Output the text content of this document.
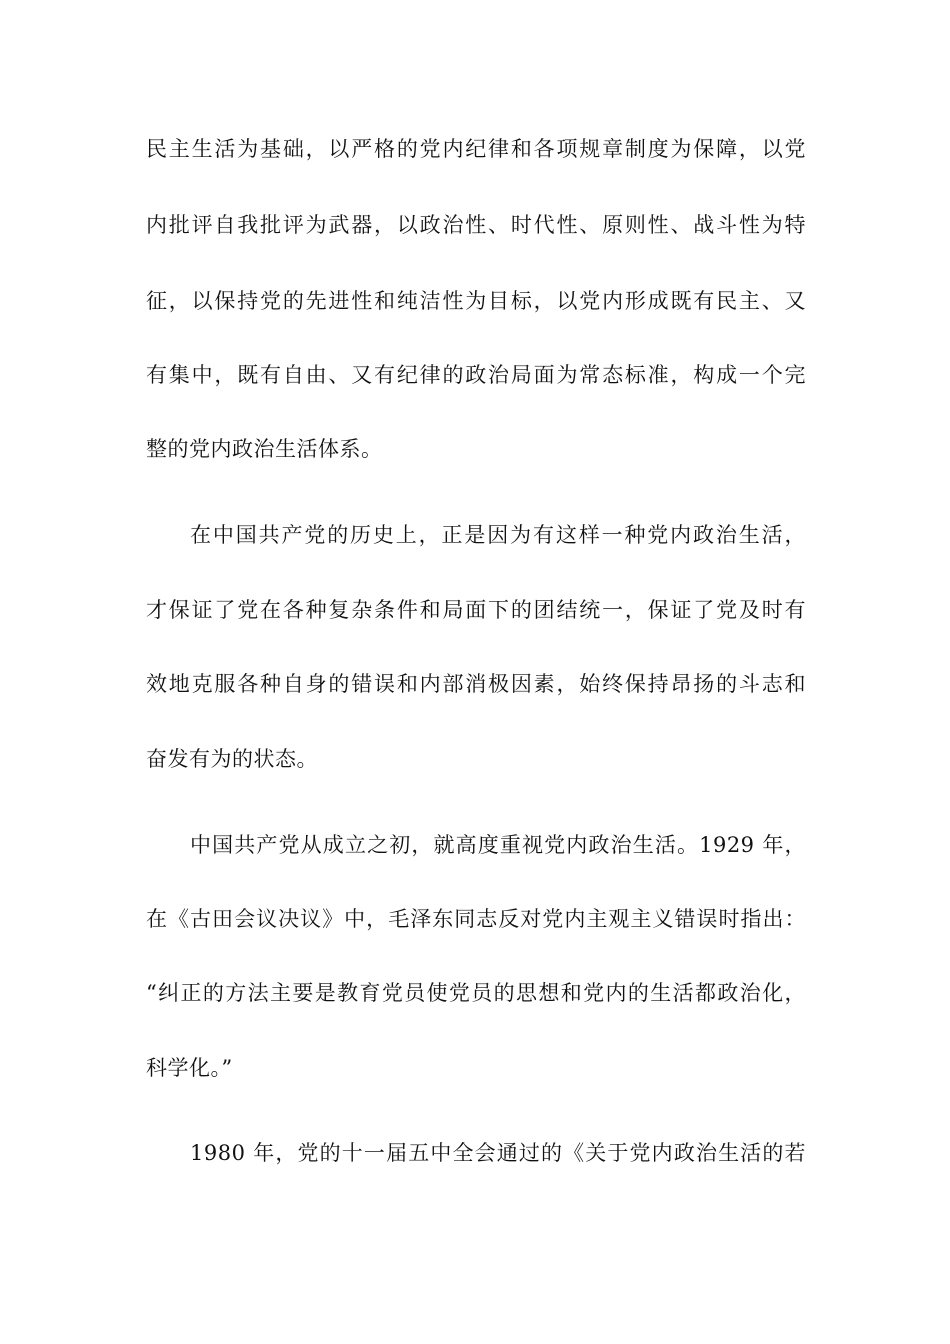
民主生活为基础，以严格的党内纪律和各项规章制度为保障，以党
内批评自我批评为武器，以政治性、时代性、原则性、战斗性为特
征，以保持党的先进性和纯洁性为目标，以党内形成既有民主、又
有集中，既有自由、又有纪律的政治局面为常态标准，构成一个完
整的党内政治生活体系。
在中国共产党的历史上，正是因为有这样一种党内政治生活，
才保证了党在各种复杂条件和局面下的团结统一，保证了党及时有
效地克服各种自身的错误和内部消极因素，始终保持昂扬的斗志和
奋发有为的状态。
中国共产党从成立之初，就高度重视党内政治生活。1929 年，
在《古田会议决议》中，毛泽东同志反对党内主观主义错误时指出：
“纠正的方法主要是教育党员使党员的思想和党内的生活都政治化，
科学化。”
1980 年，党的十一届五中全会通过的《关于党内政治生活的若
